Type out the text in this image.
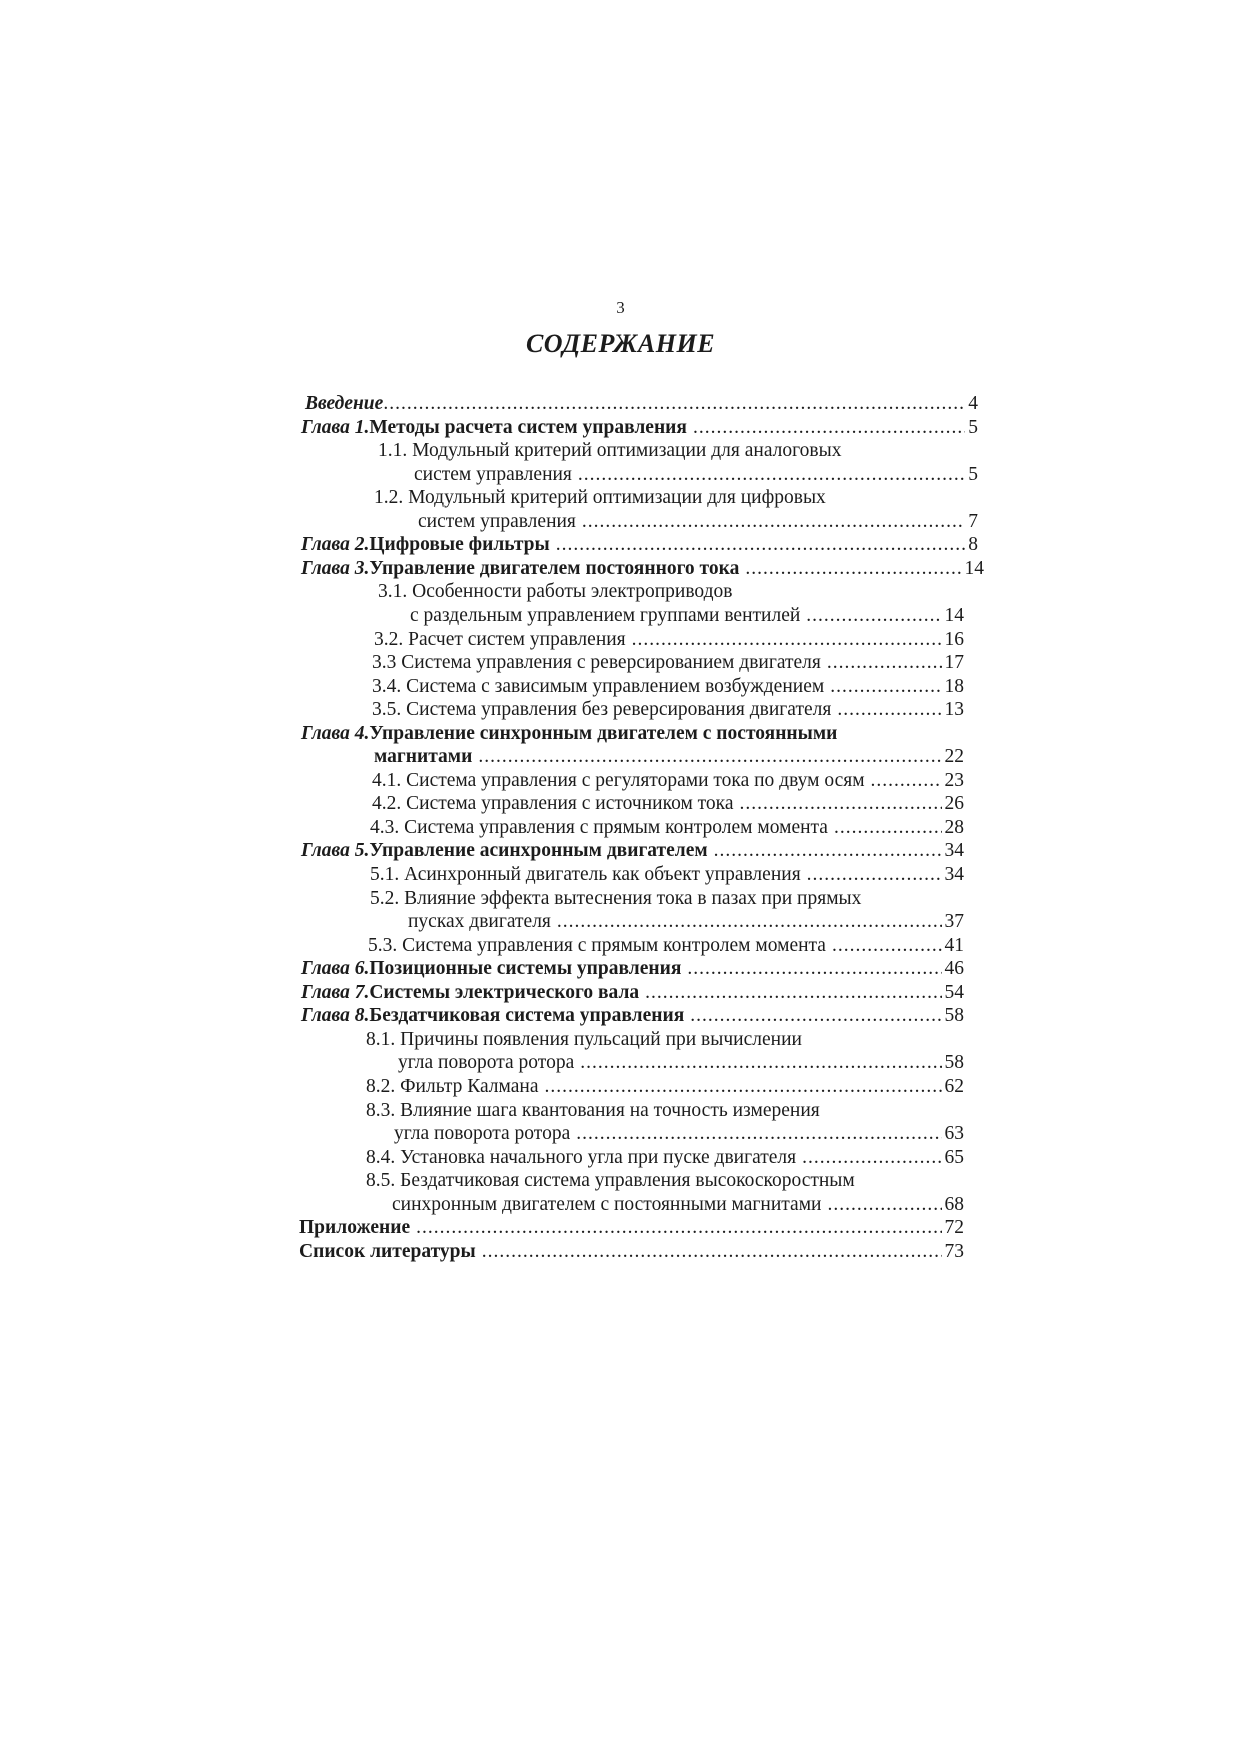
3
СОДЕРЖАНИЕ
Введение .....	4
Глава 1. Методы расчета систем управления .....	5
1.1. Модульный критерий оптимизации для аналоговых
систем управления .....	5
1.2. Модульный критерий оптимизации для цифровых
систем управления .....	7
Глава 2. Цифровые фильтры .....	8
Глава 3. Управление двигателем постоянного тока .....	14
3.1. Особенности работы электроприводов
с раздельным управлением группами вентилей .....	14
3.2. Расчет систем управления .....	16
3.3 Система управления с реверсированием двигателя .....	17
3.4. Система с зависимым управлением возбуждением .....	18
3.5. Система управления без реверсирования двигателя .....	13
Глава 4.Управление синхронным двигателем с постоянными
магнитами .....	22
4.1. Система управления с регуляторами тока по двум осям .....	23
4.2. Система управления с источником тока .....	26
4.3. Система управления с прямым контролем момента .....	28
Глава 5. Управление асинхронным двигателем .....	34
5.1. Асинхронный двигатель как объект управления .....	34
5.2. Влияние эффекта вытеснения тока в пазах при прямых
пусках двигателя .....	37
5.3. Система управления с прямым контролем момента .....	41
Глава 6. Позиционные системы управления .....	46
Глава 7. Системы электрического вала .....	54
Глава 8. Бездатчиковая система управления .....	58
8.1. Причины появления пульсаций при вычислении
угла поворота ротора .....	58
8.2. Фильтр Калмана .....	62
8.3. Влияние шага квантования на точность измерения
угла поворота ротора .....	63
8.4. Установка начального угла при пуске двигателя .....	65
8.5. Бездатчиковая система управления высокоскоростным
синхронным двигателем с постоянными магнитами .....	68
Приложение .....	72
Список литературы .....	73
